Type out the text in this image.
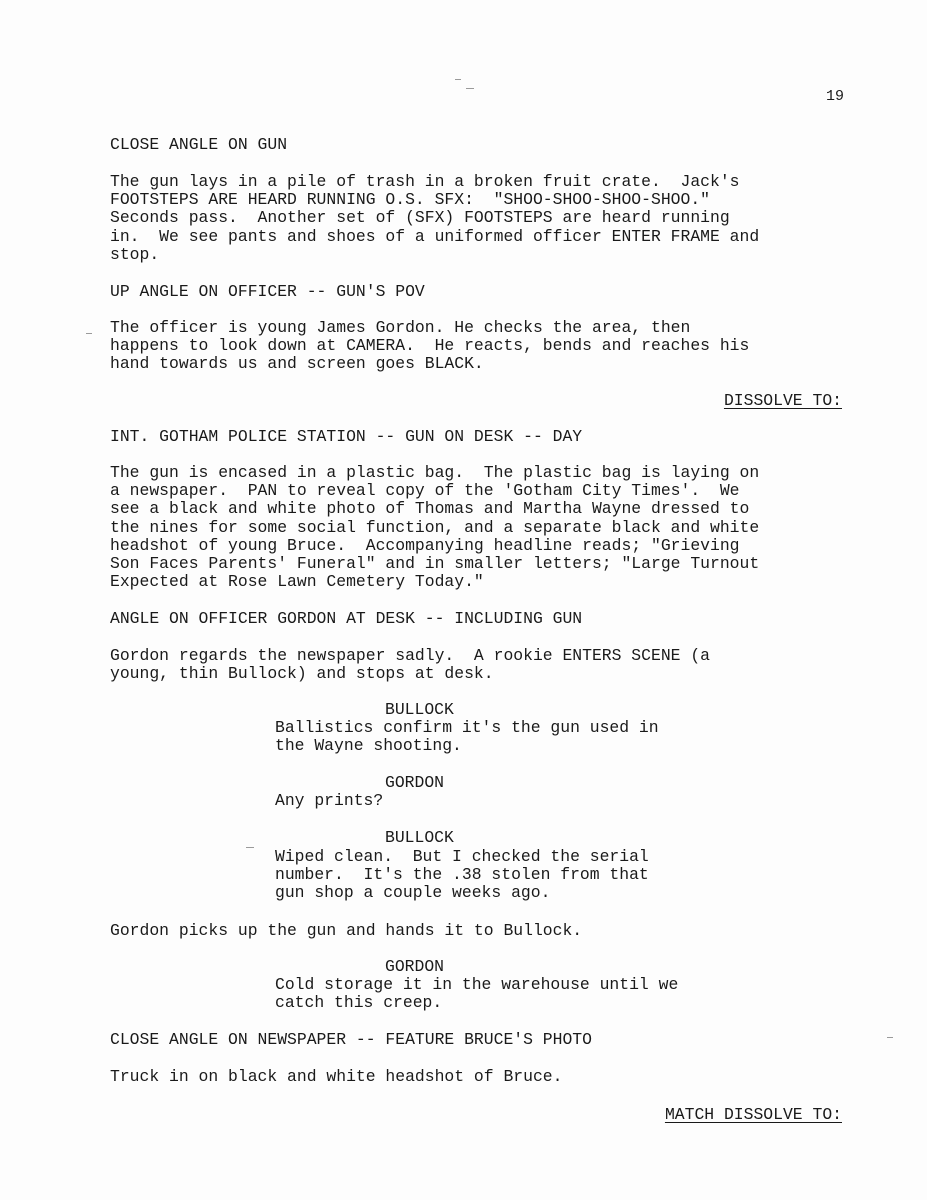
19

CLOSE ANGLE ON GUN

The gun lays in a pile of trash in a broken fruit crate.  Jack's
FOOTSTEPS ARE HEARD RUNNING O.S. SFX:  "SHOO-SHOO-SHOO-SHOO."
Seconds pass.  Another set of (SFX) FOOTSTEPS are heard running
in.  We see pants and shoes of a uniformed officer ENTER FRAME and
stop.

UP ANGLE ON OFFICER -- GUN'S POV

The officer is young James Gordon. He checks the area, then
happens to look down at CAMERA.  He reacts, bends and reaches his
hand towards us and screen goes BLACK.

DISSOLVE TO:

INT. GOTHAM POLICE STATION -- GUN ON DESK -- DAY

The gun is encased in a plastic bag.  The plastic bag is laying on
a newspaper.  PAN to reveal copy of the 'Gotham City Times'.  We
see a black and white photo of Thomas and Martha Wayne dressed to
the nines for some social function, and a separate black and white
headshot of young Bruce.  Accompanying headline reads; "Grieving
Son Faces Parents' Funeral" and in smaller letters; "Large Turnout
Expected at Rose Lawn Cemetery Today."

ANGLE ON OFFICER GORDON AT DESK -- INCLUDING GUN

Gordon regards the newspaper sadly.  A rookie ENTERS SCENE (a
young, thin Bullock) and stops at desk.

BULLOCK

Ballistics confirm it's the gun used in
the Wayne shooting.

GORDON

Any prints?

BULLOCK

Wiped clean.  But I checked the serial
number.  It's the .38 stolen from that
gun shop a couple weeks ago.

Gordon picks up the gun and hands it to Bullock.

GORDON

Cold storage it in the warehouse until we
catch this creep.

CLOSE ANGLE ON NEWSPAPER -- FEATURE BRUCE'S PHOTO

Truck in on black and white headshot of Bruce.

MATCH DISSOLVE TO:
